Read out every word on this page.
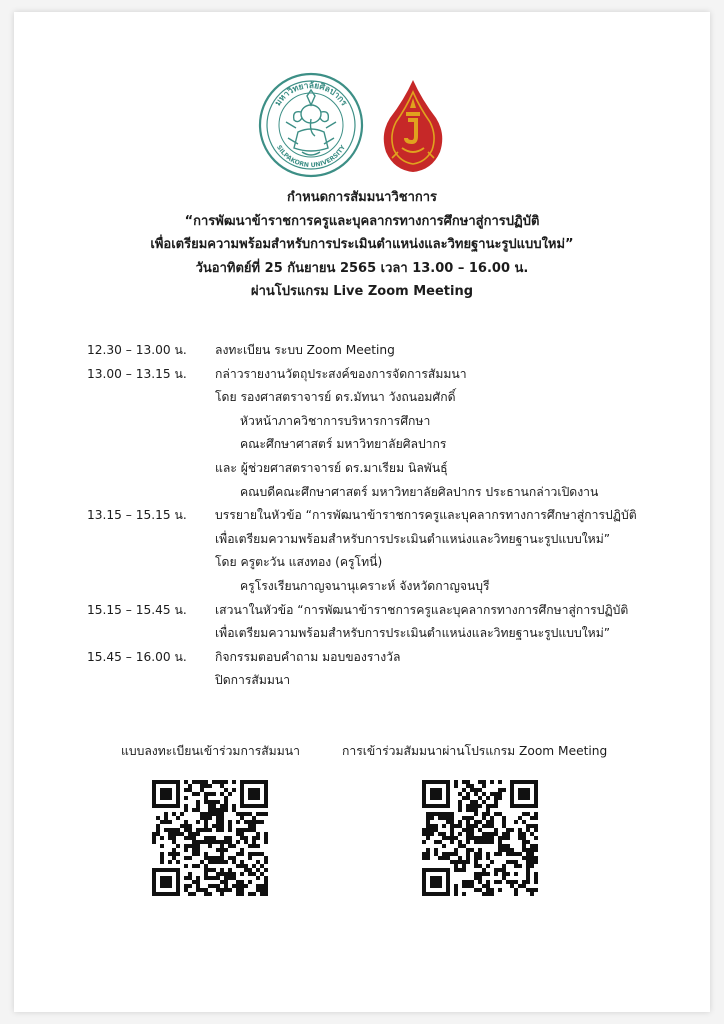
มหาวิทยาลัยศิลปากร
SILPAKORN UNIVERSITY
กำหนดการสัมมนาวิชาการ
“การพัฒนาข้าราชการครูและบุคลากรทางการศึกษาสู่การปฏิบัติ
เพื่อเตรียมความพร้อมสำหรับการประเมินตำแหน่งและวิทยฐานะรูปแบบใหม่”
วันอาทิตย์ที่ 25 กันยายน 2565 เวลา 13.00 – 16.00 น.
ผ่านโปรแกรม Live Zoom Meeting
12.30 – 13.00 น. ลงทะเบียน ระบบ Zoom Meeting
13.00 – 13.15 น. กล่าวรายงานวัตถุประสงค์ของการจัดการสัมมนา
โดย รองศาสตราจารย์ ดร.มัทนา วังถนอมศักดิ์
หัวหน้าภาควิชาการบริหารการศึกษา
คณะศึกษาศาสตร์ มหาวิทยาลัยศิลปากร
และ ผู้ช่วยศาสตราจารย์ ดร.มาเรียม นิลพันธุ์
คณบดีคณะศึกษาศาสตร์ มหาวิทยาลัยศิลปากร ประธานกล่าวเปิดงาน
13.15 – 15.15 น. บรรยายในหัวข้อ “การพัฒนาข้าราชการครูและบุคลากรทางการศึกษาสู่การปฏิบัติ
เพื่อเตรียมความพร้อมสำหรับการประเมินตำแหน่งและวิทยฐานะรูปแบบใหม่”
โดย ครูตะวัน แสงทอง (ครูโทนี่)
ครูโรงเรียนกาญจนานุเคราะห์ จังหวัดกาญจนบุรี
15.15 – 15.45 น. เสวนาในหัวข้อ “การพัฒนาข้าราชการครูและบุคลากรทางการศึกษาสู่การปฏิบัติ
เพื่อเตรียมความพร้อมสำหรับการประเมินตำแหน่งและวิทยฐานะรูปแบบใหม่”
15.45 – 16.00 น. กิจกรรมตอบคำถาม มอบของรางวัล
ปิดการสัมมนา
แบบลงทะเบียนเข้าร่วมการสัมมนา	การเข้าร่วมสัมมนาผ่านโปรแกรม Zoom Meeting
